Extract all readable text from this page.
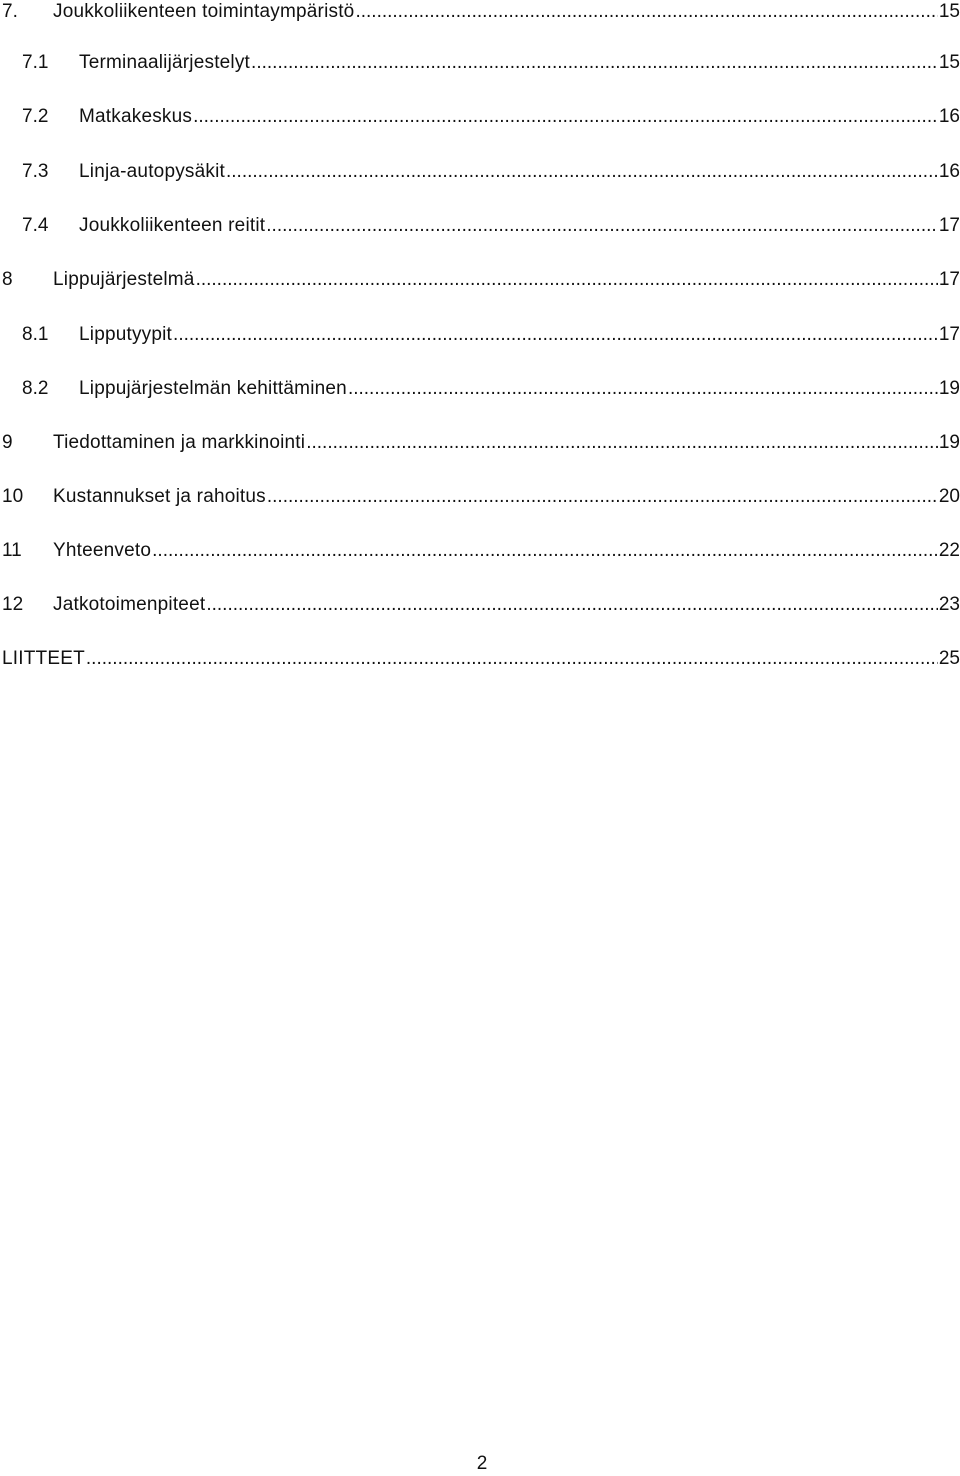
7.	Joukkoliikenteen toimintaympäristö .....	15
7.1	Terminaalijärjestelyt .....	15
7.2	Matkakeskus .....	16
7.3	Linja-autopysäkit .....	16
7.4	Joukkoliikenteen reitit .....	17
8	Lippujärjestelmä .....	17
8.1	Lipputyypit .....	17
8.2	Lippujärjestelmän kehittäminen .....	19
9	Tiedottaminen ja markkinointi .....	19
10	Kustannukset ja rahoitus .....	20
11	Yhteenveto .....	22
12	Jatkotoimenpiteet .....	23
LIITTEET .....	25
2
